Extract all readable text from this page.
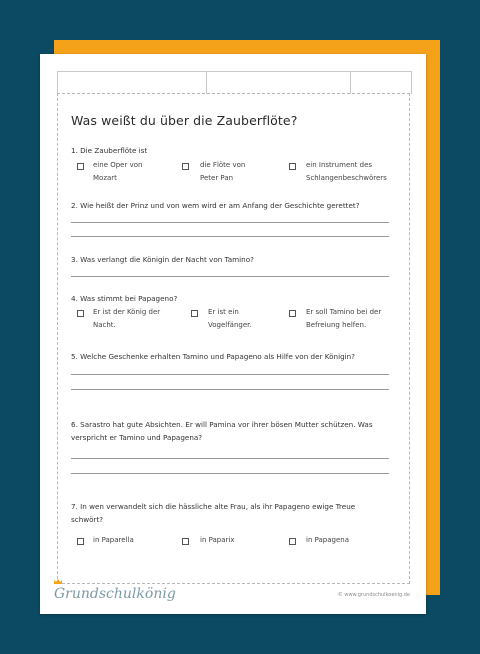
Was weißt du über die Zauberflöte?
1. Die Zauberflöte ist
eine Oper von
Mozart
die Flöte von
Peter Pan
ein Instrument des
Schlangenbeschwörers
2. Wie heißt der Prinz und von wem wird er am Anfang der Geschichte gerettet?
3. Was verlangt die Königin der Nacht von Tamino?
4. Was stimmt bei Papageno?
Er ist der König der
Nacht.
Er ist ein
Vogelfänger.
Er soll Tamino bei der
Befreiung helfen.
5. Welche Geschenke erhalten Tamino und Papageno als Hilfe von der Königin?
6. Sarastro hat gute Absichten. Er will Pamina vor ihrer bösen Mutter schützen. Was
verspricht er Tamino und Papagena?
7. In wen verwandelt sich die hässliche alte Frau, als ihr Papageno ewige Treue
schwört?
in Paparella	in Paparix	in Papagena
Grundschulkönig	© www.grundschulkoenig.de
